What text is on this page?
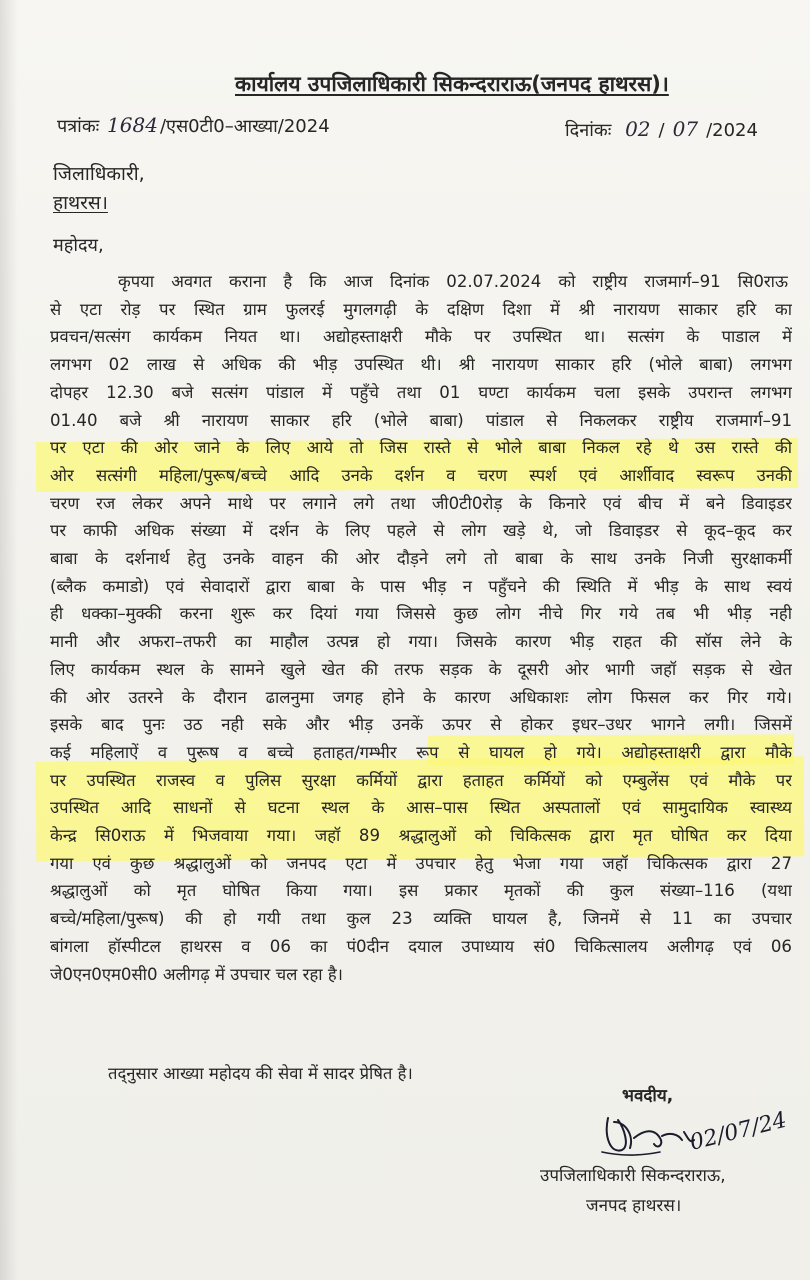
कार्यालय उपजिलाधिकारी सिकन्दराराऊ(जनपद हाथरस)।
पत्रांकः 1684 /एस0टी0–आख्या/2024	दिनांकः 02 / 07 /2024
जिलाधिकारी,
हाथरस।
महोदय,
कृपया अवगत कराना है कि आज दिनांक 02.07.2024 को राष्ट्रीय राजमार्ग–91 सि0राऊ
से एटा रोड़ पर स्थित ग्राम फुलरई मुगलगढ़ी के दक्षिण दिशा में श्री नारायण साकार हरि का
प्रवचन/सत्संग कार्यकम नियत था। अद्योहस्ताक्षरी मौके पर उपस्थित था। सत्संग के पाडाल में
लगभग 02 लाख से अधिक की भीड़ उपस्थित थी। श्री नारायण साकार हरि (भोले बाबा) लगभग
दोपहर 12.30 बजे सत्संग पांडाल में पहुँचे तथा 01 घण्टा कार्यकम चला इसके उपरान्त लगभग
01.40 बजे श्री नारायण साकार हरि (भोले बाबा) पांडाल से निकलकर राष्ट्रीय राजमार्ग–91
पर एटा की ओर जाने के लिए आये तो जिस रास्ते से भोले बाबा निकल रहे थे उस रास्ते की
ओर सत्संगी महिला/पुरूष/बच्चे आदि उनके दर्शन व चरण स्पर्श एवं आर्शीवाद स्वरूप उनकी
चरण रज लेकर अपने माथे पर लगाने लगे तथा जी0टी0रोड़ के किनारे एवं बीच में बने डिवाइडर
पर काफी अधिक संख्या में दर्शन के लिए पहले से लोग खड़े थे, जो डिवाइडर से कूद–कूद कर
बाबा के दर्शनार्थ हेतु उनके वाहन की ओर दौड़ने लगे तो बाबा के साथ उनके निजी सुरक्षाकर्मी
(ब्लैक कमाडो) एवं सेवादारों द्वारा बाबा के पास भीड़ न पहुँचने की स्थिति में भीड़ के साथ स्वयं
ही धक्का–मुक्की करना शुरू कर दियां गया जिससे कुछ लोग नीचे गिर गये तब भी भीड़ नही
मानी और अफरा–तफरी का माहौल उत्पन्न हो गया। जिसके कारण भीड़ राहत की सॉस लेने के
लिए कार्यकम स्थल के सामने खुले खेत की तरफ सड़क के दूसरी ओर भागी जहॉ सड़क से खेत
की ओर उतरने के दौरान ढालनुमा जगह होने के कारण अधिकाशः लोग फिसल कर गिर गये।
इसके बाद पुनः उठ नही सके और भीड़ उनकें ऊपर से होकर इधर–उधर भागने लगी। जिसमें
कई महिलाऐं व पुरूष व बच्चे हताहत/गम्भीर रूप से घायल हो गये। अद्योहस्ताक्षरी द्वारा मौके
पर उपस्थित राजस्व व पुलिस सुरक्षा कर्मियों द्वारा हताहत कर्मियों को एम्बुलेंस एवं मौके पर
उपस्थित आदि साधनों से घटना स्थल के आस–पास स्थित अस्पतालों एवं सामुदायिक स्वास्थ्य
केन्द्र सि0राऊ में भिजवाया गया। जहॉ 89 श्रद्धालुओं को चिकित्सक द्वारा मृत घोषित कर दिया
गया एवं कुछ श्रद्धालुओं को जनपद एटा में उपचार हेतु भेजा गया जहॉ चिकित्सक द्वारा 27
श्रद्धालुओं को मृत घोषित किया गया। इस प्रकार मृतकों की कुल संख्या–116 (यथा
बच्चे/महिला/पुरूष) की हो गयी तथा कुल 23 व्यक्ति घायल है, जिनमें से 11 का उपचार
बांगला हॉस्पीटल हाथरस व 06 का पं0दीन दयाल उपाध्याय सं0 चिकित्सालय अलीगढ़ एवं 06
जे0एन0एम0सी0 अलीगढ़ में उपचार चल रहा है।
तद्नुसार आख्या महोदय की सेवा में सादर प्रेषित है।
भवदीय,
02/07/24
उपजिलाधिकारी सिकन्दराराऊ,
जनपद हाथरस।
